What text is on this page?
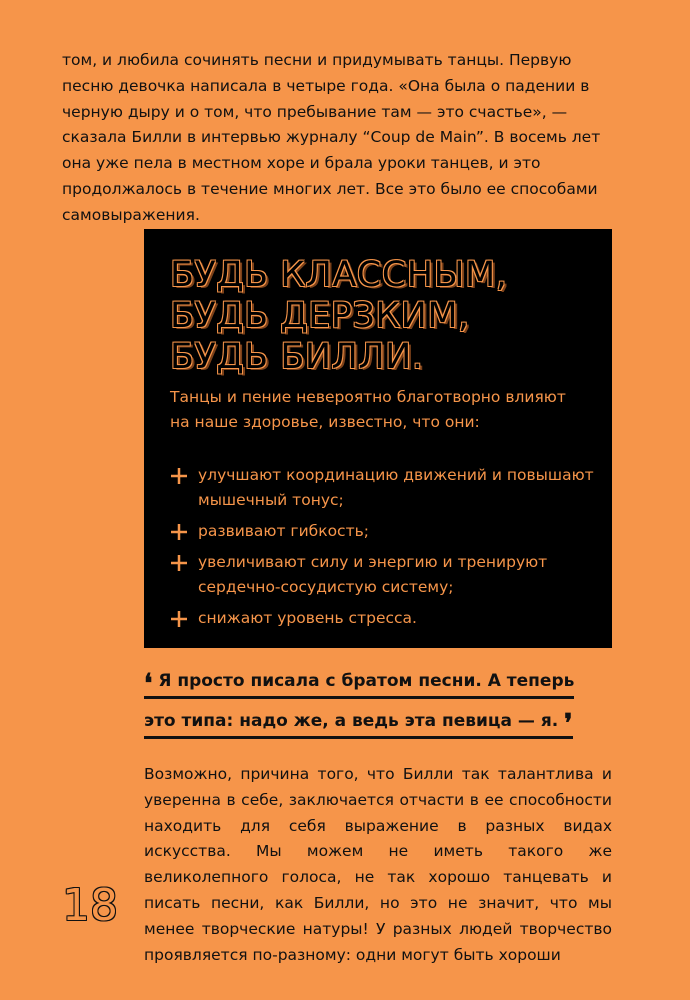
том, и любила сочинять песни и придумывать танцы. Первую песню девочка написала в четыре года. «Она была о падении в черную дыру и о том, что пребывание там — это счастье», — сказала Билли в интервью журналу “Coup de Main”. В восемь лет она уже пела в местном хоре и брала уроки танцев, и это продолжалось в течение многих лет. Все это было ее способами самовыражения.

БУДЬ КЛАССНЫМ,
БУДЬ ДЕРЗКИМ,
БУДЬ БИЛЛИ.

Танцы и пение невероятно благотворно влияют на наше здоровье, известно, что они:

улучшают координацию движений и повышают мышечный тонус;
развивают гибкость;
увеличивают силу и энергию и тренируют сердечно-сосудистую систему;
снижают уровень стресса.
❛ Я просто писала с братом песни. А теперь
это типа: надо же, а ведь эта певица — я. ❜

Возможно, причина того, что Билли так талантлива и уверенна в себе, заключается отчасти в ее способности находить для себя выражение в разных видах искусства. Мы можем не иметь такого же великолепного голоса, не так хорошо танцевать и писать песни, как Билли, но это не значит, что мы менее творческие натуры! У разных людей творчество проявляется по-разному: одни могут быть хороши

18
